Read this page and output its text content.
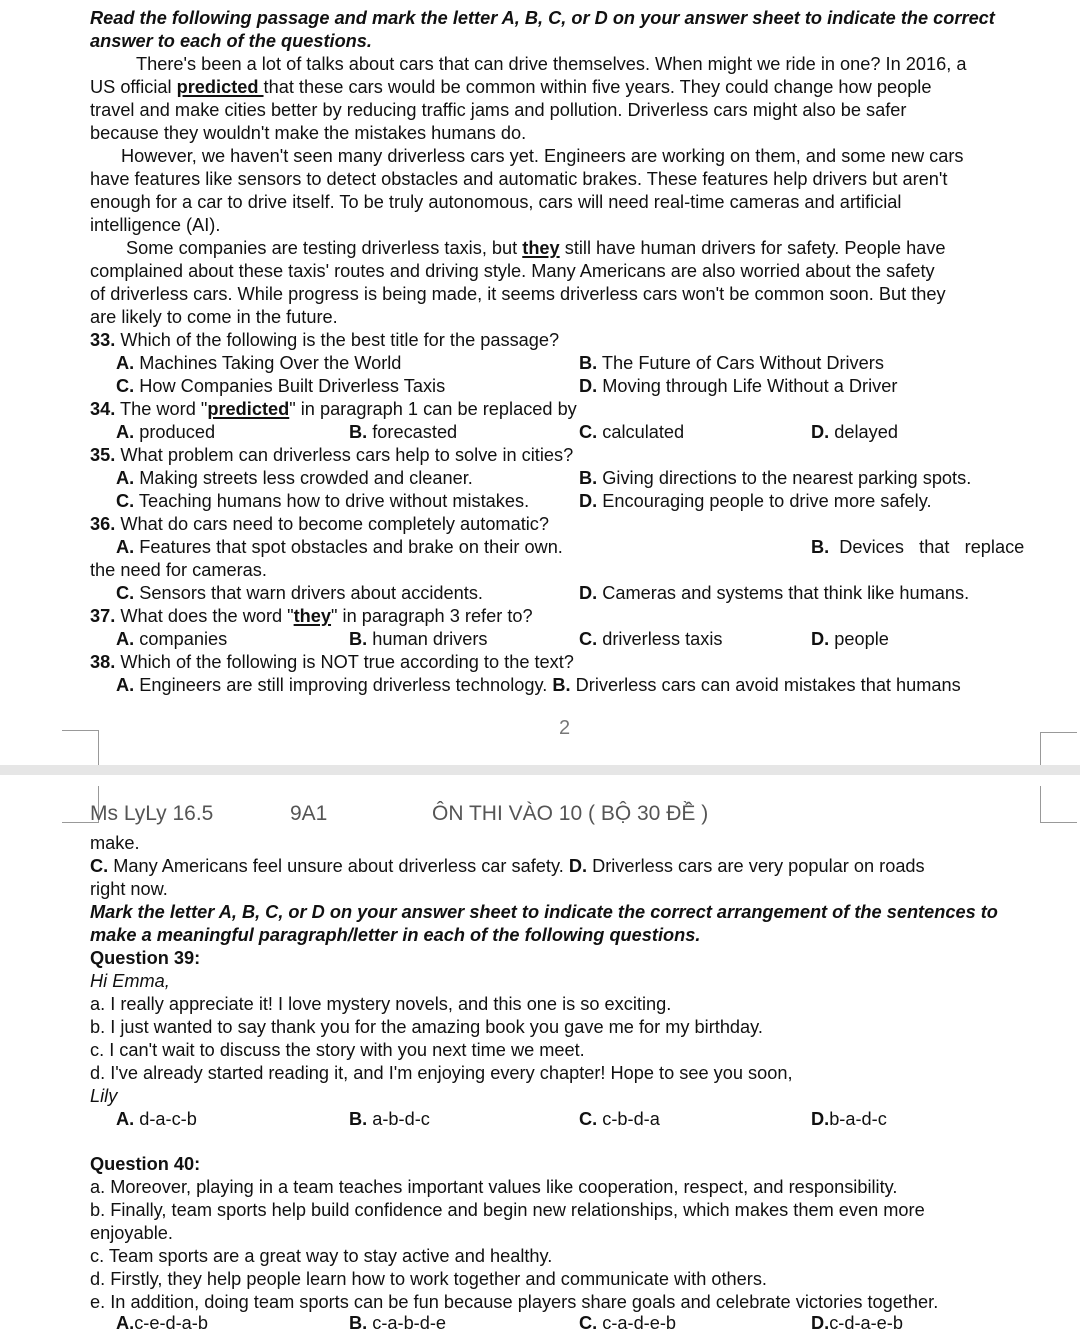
Read the following passage and mark the letter A, B, C, or D on your answer sheet to indicate the correct
answer to each of the questions.
There's been a lot of talks about cars that can drive themselves. When might we ride in one? In 2016, a
US official predicted that these cars would be common within five years. They could change how people
travel and make cities better by reducing traffic jams and pollution. Driverless cars might also be safer
because they wouldn't make the mistakes humans do.
However, we haven't seen many driverless cars yet. Engineers are working on them, and some new cars
have features like sensors to detect obstacles and automatic brakes. These features help drivers but aren't
enough for a car to drive itself. To be truly autonomous, cars will need real-time cameras and artificial
intelligence (AI).
Some companies are testing driverless taxis, but they still have human drivers for safety. People have
complained about these taxis' routes and driving style. Many Americans are also worried about the safety
of driverless cars. While progress is being made, it seems driverless cars won't be common soon. But they
are likely to come in the future.
33. Which of the following is the best title for the passage?
A. Machines Taking Over the World	B. The Future of Cars Without Drivers
C. How Companies Built Driverless Taxis	D. Moving through Life Without a Driver
34. The word "predicted" in paragraph 1 can be replaced by
A. produced	B. forecasted	C. calculated	D. delayed
35. What problem can driverless cars help to solve in cities?
A. Making streets less crowded and cleaner.	B. Giving directions to the nearest parking spots.
C. Teaching humans how to drive without mistakes.	D. Encouraging people to drive more safely.
36. What do cars need to become completely automatic?
A. Features that spot obstacles and brake on their own.	B. Devices   that   replace
the need for cameras.
C. Sensors that warn drivers about accidents.	D. Cameras and systems that think like humans.
37. What does the word "they" in paragraph 3 refer to?
A. companies	B. human drivers	C. driverless taxis	D. people
38. Which of the following is NOT true according to the text?
A. Engineers are still improving driverless technology. B. Driverless cars can avoid mistakes that humans
2
Ms LyLy 16.5	9A1	ÔN THI VÀO 10 ( BỘ 30 ĐỀ )
make.
C. Many Americans feel unsure about driverless car safety. D. Driverless cars are very popular on roads
right now.
Mark the letter A, B, C, or D on your answer sheet to indicate the correct arrangement of the sentences to
make a meaningful paragraph/letter in each of the following questions.
Question 39:
Hi Emma,
a. I really appreciate it! I love mystery novels, and this one is so exciting.
b. I just wanted to say thank you for the amazing book you gave me for my birthday.
c. I can't wait to discuss the story with you next time we meet.
d. I've already started reading it, and I'm enjoying every chapter! Hope to see you soon,
Lily
A. d-a-c-b	B. a-b-d-c	C. c-b-d-a	D.b-a-d-c
Question 40:
a. Moreover, playing in a team teaches important values like cooperation, respect, and responsibility.
b. Finally, team sports help build confidence and begin new relationships, which makes them even more
enjoyable.
c. Team sports are a great way to stay active and healthy.
d. Firstly, they help people learn how to work together and communicate with others.
e. In addition, doing team sports can be fun because players share goals and celebrate victories together.
A.c-e-d-a-b	B. c-a-b-d-e	C. c-a-d-e-b	D.c-d-a-e-b
